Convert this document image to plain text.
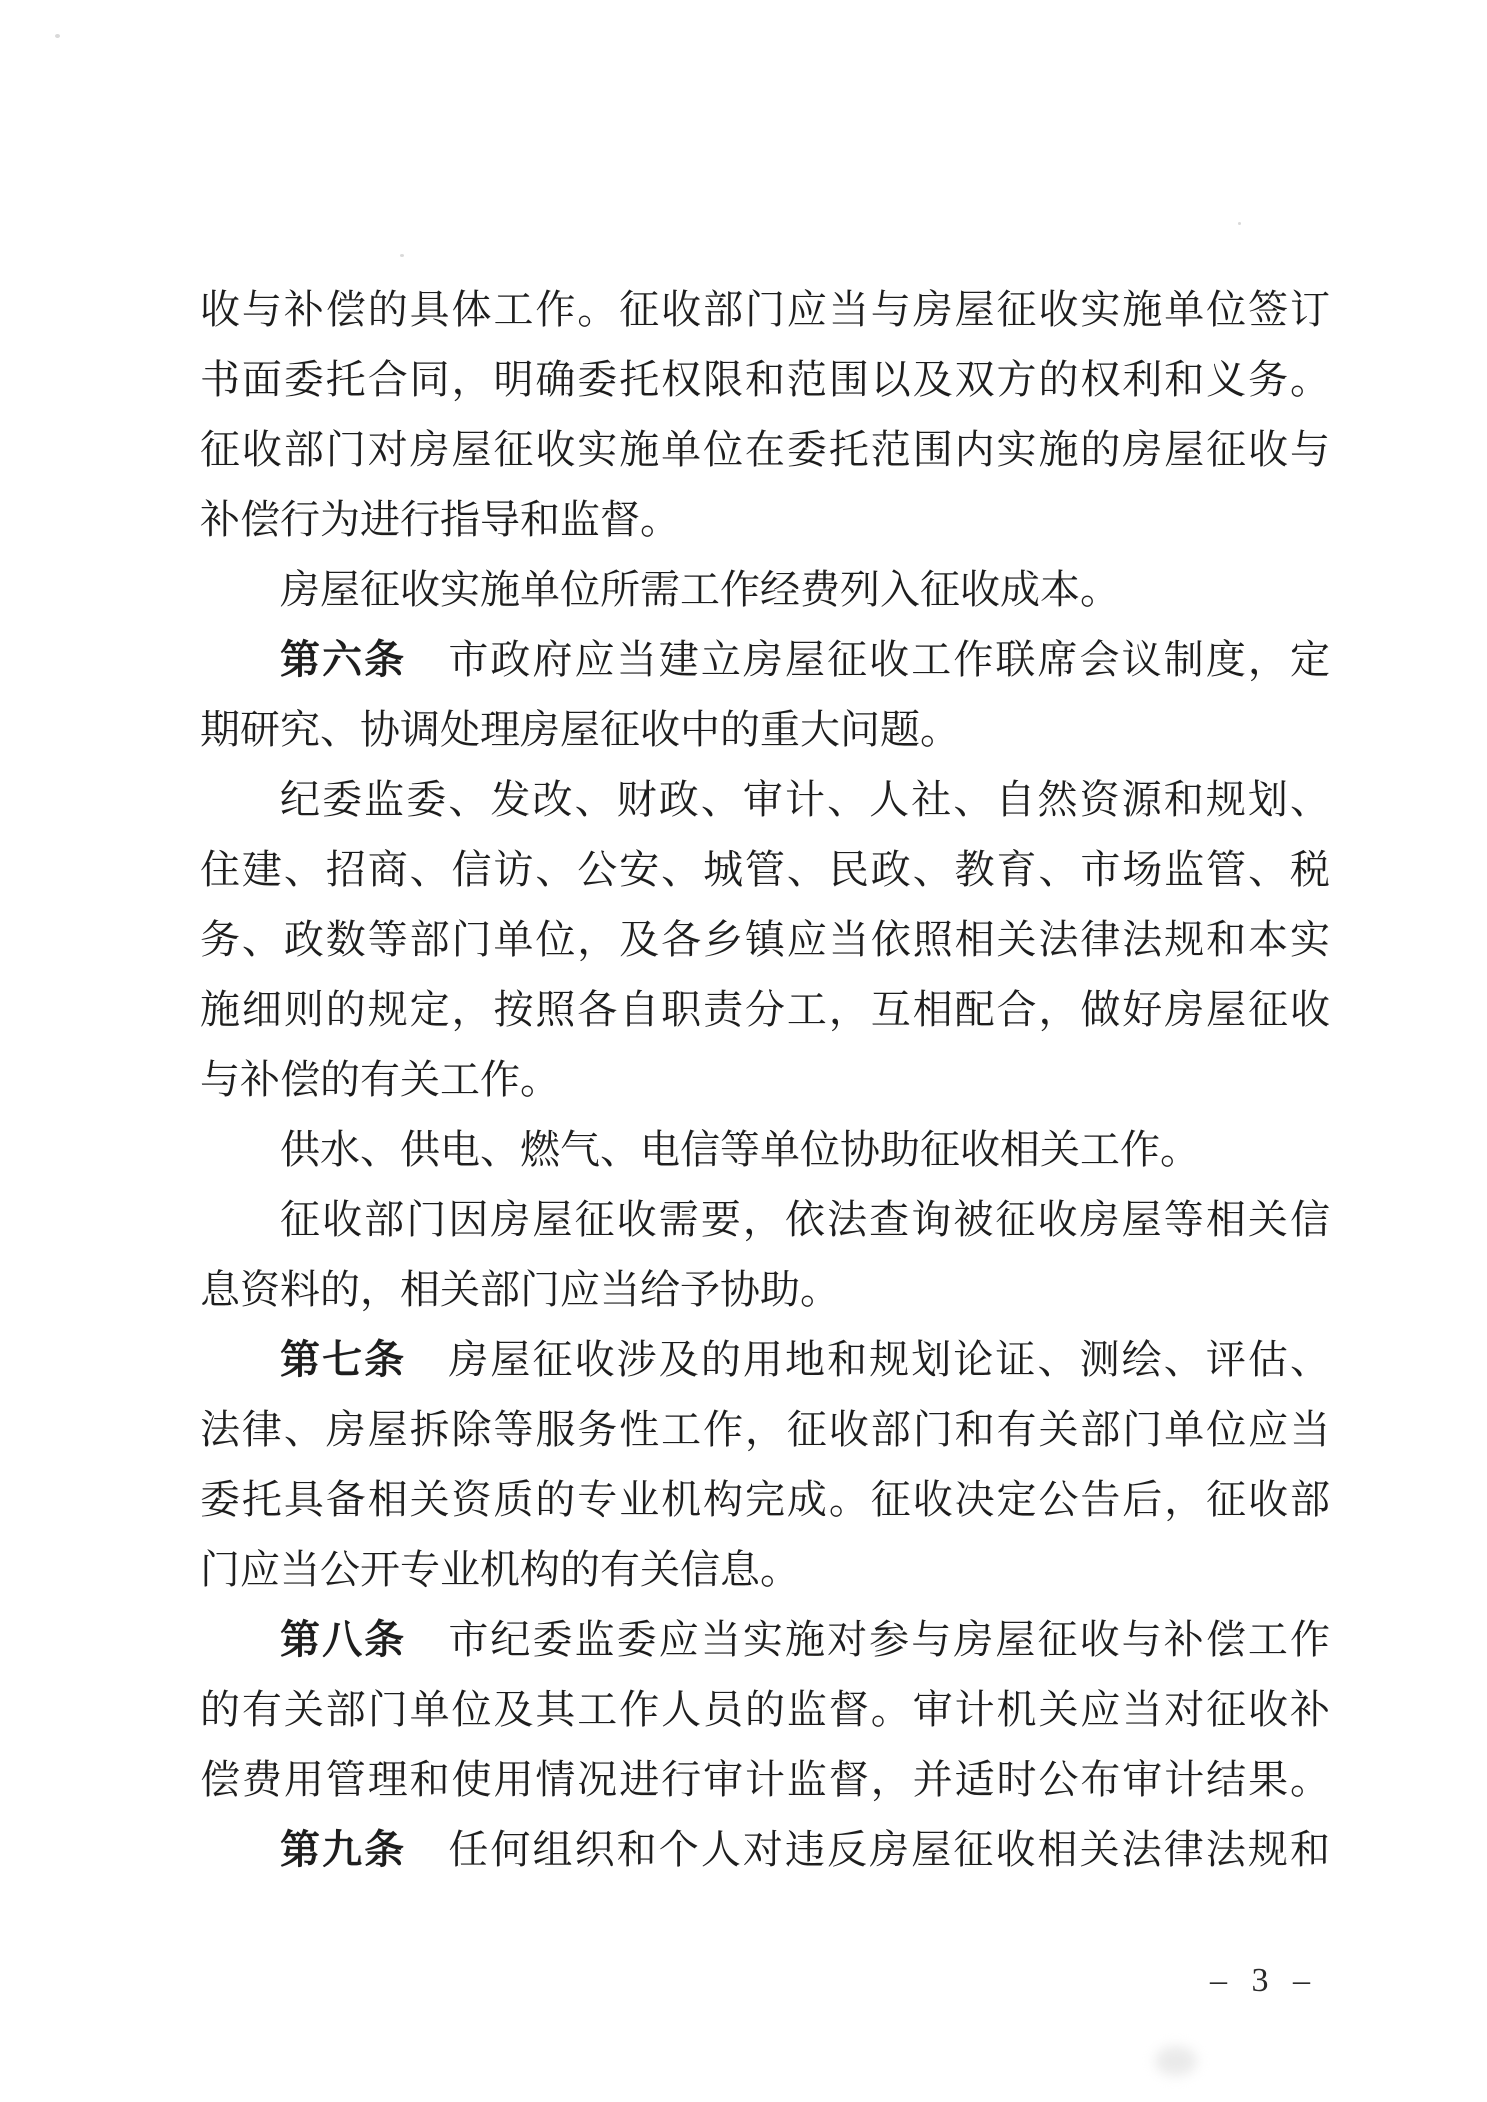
收与补偿的具体工作。征收部门应当与房屋征收实施单位签订
书面委托合同，明确委托权限和范围以及双方的权利和义务。
征收部门对房屋征收实施单位在委托范围内实施的房屋征收与
补偿行为进行指导和监督。
房屋征收实施单位所需工作经费列入征收成本。
第六条　市政府应当建立房屋征收工作联席会议制度，定
期研究、协调处理房屋征收中的重大问题。
纪委监委、发改、财政、审计、人社、自然资源和规划、
住建、招商、信访、公安、城管、民政、教育、市场监管、税
务、政数等部门单位，及各乡镇应当依照相关法律法规和本实
施细则的规定，按照各自职责分工，互相配合，做好房屋征收
与补偿的有关工作。
供水、供电、燃气、电信等单位协助征收相关工作。
征收部门因房屋征收需要，依法查询被征收房屋等相关信
息资料的，相关部门应当给予协助。
第七条　房屋征收涉及的用地和规划论证、测绘、评估、
法律、房屋拆除等服务性工作，征收部门和有关部门单位应当
委托具备相关资质的专业机构完成。征收决定公告后，征收部
门应当公开专业机构的有关信息。
第八条　市纪委监委应当实施对参与房屋征收与补偿工作
的有关部门单位及其工作人员的监督。审计机关应当对征收补
偿费用管理和使用情况进行审计监督，并适时公布审计结果。
第九条　任何组织和个人对违反房屋征收相关法律法规和
– 3 –
